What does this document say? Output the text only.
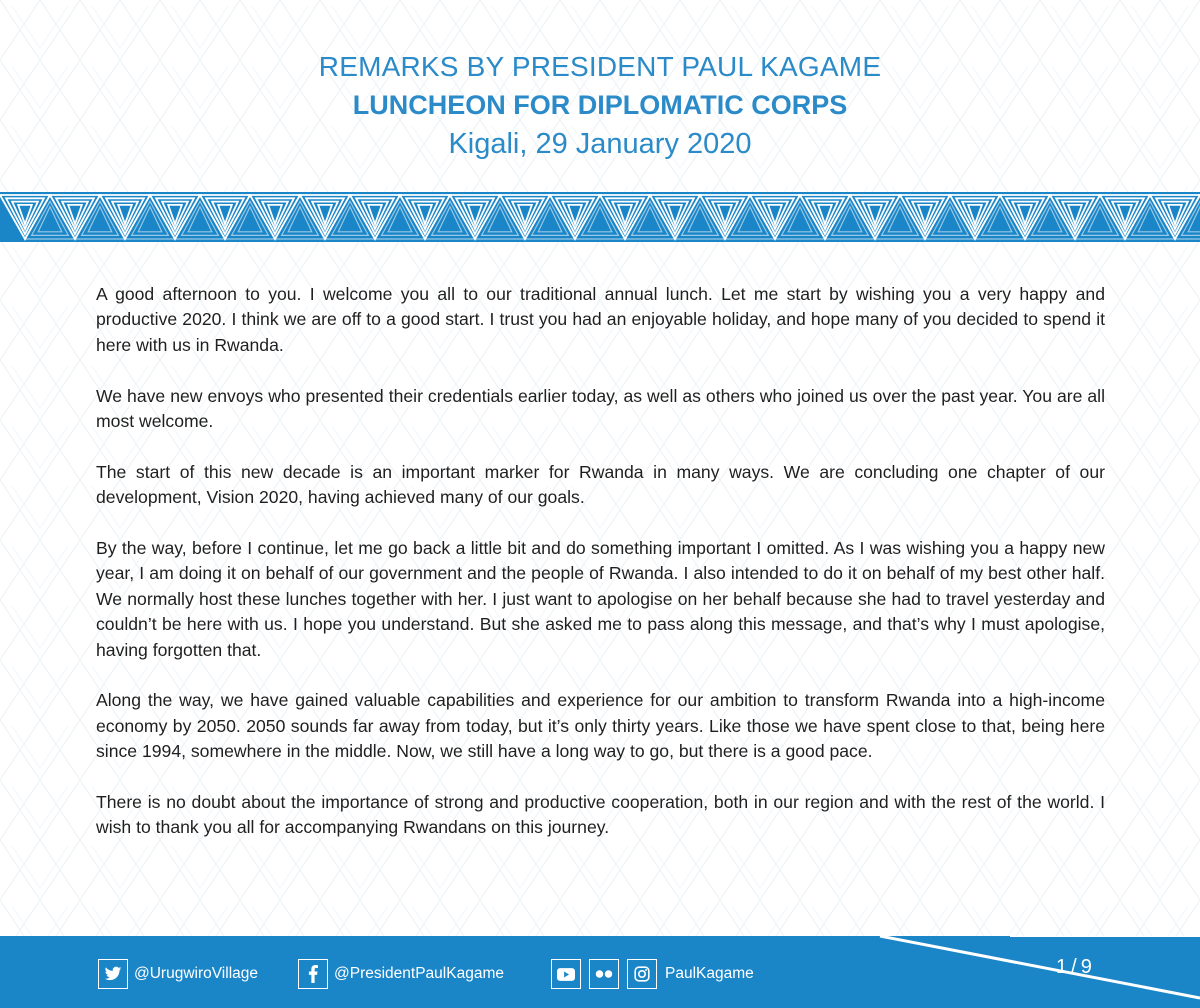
REMARKS BY PRESIDENT PAUL KAGAME
LUNCHEON FOR DIPLOMATIC CORPS
Kigali, 29 January 2020

A good afternoon to you. I welcome you all to our traditional annual lunch. Let me start by wishing you a very happy and productive 2020. I think we are off to a good start. I trust you had an enjoyable holiday, and hope many of you decided to spend it here with us in Rwanda.

We have new envoys who presented their credentials earlier today, as well as others who joined us over the past year. You are all most welcome.

The start of this new decade is an important marker for Rwanda in many ways. We are concluding one chapter of our development, Vision 2020, having achieved many of our goals.

By the way, before I continue, let me go back a little bit and do something important I omitted. As I was wishing you a happy new year, I am doing it on behalf of our government and the people of Rwanda. I also intended to do it on behalf of my best other half. We normally host these lunches together with her. I just want to apologise on her behalf because she had to travel yesterday and couldn’t be here with us. I hope you understand. But she asked me to pass along this message, and that’s why I must apologise, having forgotten that.

Along the way, we have gained valuable capabilities and experience for our ambition to transform Rwanda into a high-income economy by 2050. 2050 sounds far away from today, but it’s only thirty years. Like those we have spent close to that, being here since 1994, somewhere in the middle. Now, we still have a long way to go, but there is a good pace.

There is no doubt about the importance of strong and productive cooperation, both in our region and with the rest of the world. I wish to thank you all for accompanying Rwandans on this journey.

@UrugwiroVillage	@PresidentPaulKagame	PaulKagame	1 / 9
